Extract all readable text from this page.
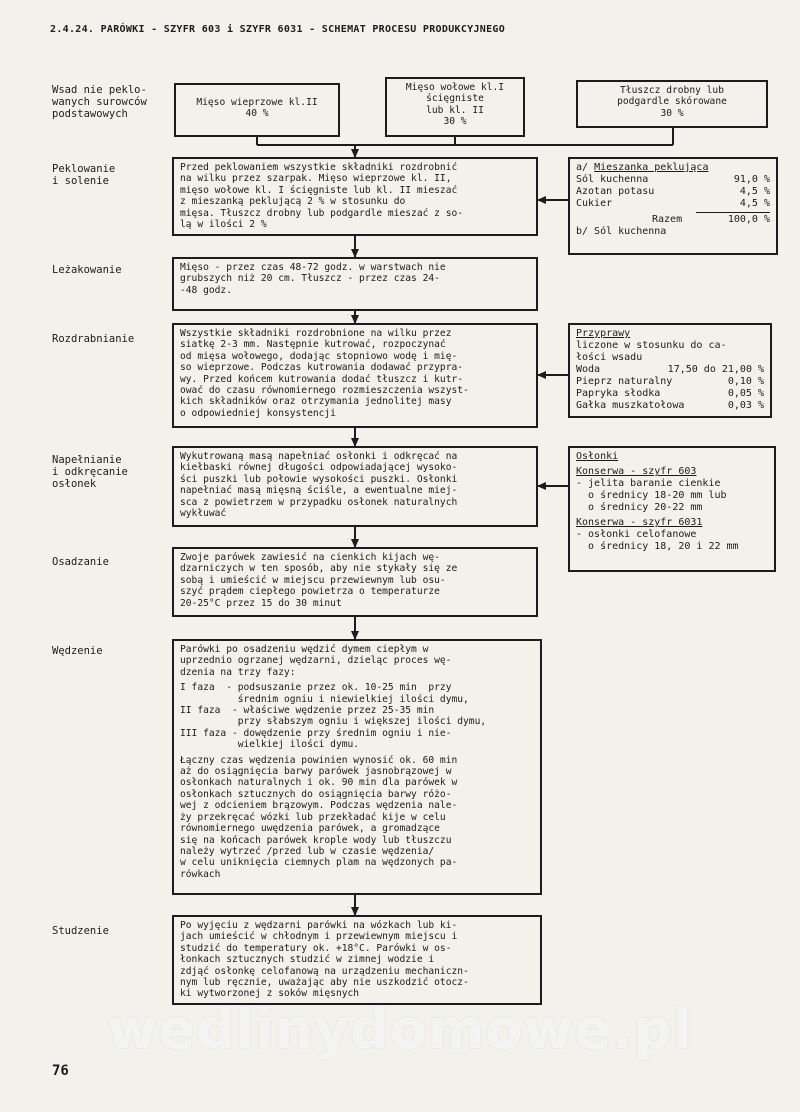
2.4.24. PARÓWKI - SZYFR 603 i SZYFR 6031 - SCHEMAT PROCESU PRODUKCYJNEGO
Wsad nie peklo-
wanych surowców
podstawowych
Peklowanie
i solenie
Leżakowanie
Rozdrabnianie
Napełnianie
i odkręcanie
osłonek
Osadzanie
Wędzenie
Studzenie
Mięso wieprzowe kl.II
40 %
Mięso wołowe kl.I
ścięgniste
lub kl. II
30 %
Tłuszcz drobny lub
podgardle skórowane
30 %
Przed peklowaniem wszystkie składniki rozdrobnić
na wilku przez szarpak. Mięso wieprzowe kl. II,
mięso wołowe kl. I ścięgniste lub kl. II mieszać
z mieszanką peklującą 2 % w stosunku do
mięsa. Tłuszcz drobny lub podgardle mieszać z so-
lą w ilości 2 %
Mięso - przez czas 48-72 godz. w warstwach nie
grubszych niż 20 cm. Tłuszcz - przez czas 24-
-48 godz.
Wszystkie składniki rozdrobnione na wilku przez
siatkę 2-3 mm. Następnie kutrować, rozpoczynać
od mięsa wołowego, dodając stopniowo wodę i mię-
so wieprzowe. Podczas kutrowania dodawać przypra-
wy. Przed końcem kutrowania dodać tłuszcz i kutr-
ować do czasu równomiernego rozmieszczenia wszyst-
kich składników oraz otrzymania jednolitej masy
o odpowiedniej konsystencji
Wykutrowaną masą napełniać osłonki i odkręcać na
kiełbaski równej długości odpowiadającej wysoko-
ści puszki lub połowie wysokości puszki. Osłonki
napełniać masą mięsną ściśle, a ewentualne miej-
sca z powietrzem w przypadku osłonek naturalnych
wykłuwać
Zwoje parówek zawiesić na cienkich kijach wę-
dzarniczych w ten sposób, aby nie stykały się ze
sobą i umieścić w miejscu przewiewnym lub osu-
szyć prądem ciepłego powietrza o temperaturze
20-25°C przez 15 do 30 minut
Parówki po osadzeniu wędzić dymem ciepłym w
uprzednio ogrzanej wędzarni, dzieląc proces wę-
dzenia na trzy fazy:
I faza  - podsuszanie przez ok. 10-25 min  przy
średnim ogniu i niewielkiej ilości dymu,
II faza  - właściwe wędzenie przez 25-35 min
przy słabszym ogniu i większej ilości dymu,
III faza - dowędzenie przy średnim ogniu i nie-
wielkiej ilości dymu.
Łączny czas wędzenia powinien wynosić ok. 60 min
aż do osiągnięcia barwy parówek jasnobrązowej w
osłonkach naturalnych i ok. 90 min dla parówek w
osłonkach sztucznych do osiągnięcia barwy różo-
wej z odcieniem brązowym. Podczas wędzenia nale-
ży przekręcać wózki lub przekładać kije w celu
równomiernego uwędzenia parówek, a gromadzące
się na końcach parówek krople wody lub tłuszczu
należy wytrzeć /przed lub w czasie wędzenia/
w celu uniknięcia ciemnych plam na wędzonych pa-
rówkach
Po wyjęciu z wędzarni parówki na wózkach lub ki-
jach umieścić w chłodnym i przewiewnym miejscu i
studzić do temperatury ok. +18°C. Parówki w os-
łonkach sztucznych studzić w zimnej wodzie i
zdjąć osłonkę celofanową na urządzeniu mechaniczn-
nym lub ręcznie, uważając aby nie uszkodzić otocz-
ki wytworzonej z soków mięsnych
a/ Mieszanka peklująca
Sól kuchenna	91,0 %
Azotan potasu	4,5 %
Cukier	4,5 %
Razem	100,0 %
b/ Sól kuchenna
Przyprawy
liczone w stosunku do ca-
łości wsadu
Woda	17,50 do 21,00 %
Pieprz naturalny	0,10 %
Papryka słodka	0,05 %
Gałka muszkatołowa	0,03 %
Osłonki
Konserwa - szyfr 603
- jelita baranie cienkie
o średnicy 18-20 mm lub
o średnicy 20-22 mm
Konserwa - szyfr 6031
- osłonki celofanowe
o średnicy 18, 20 i 22 mm
wedlinydomowe.pl
76
